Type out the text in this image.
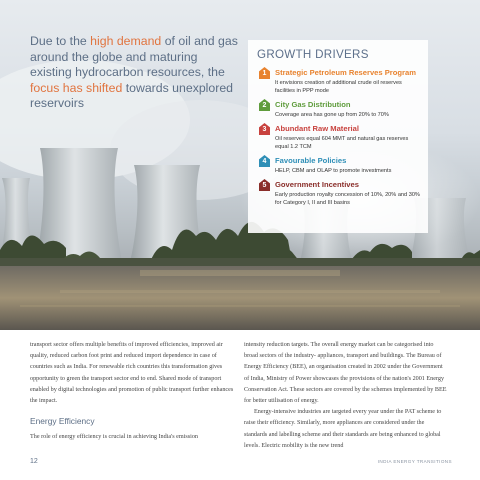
Due to the high demand of oil and gas around the globe and maturing existing hydrocarbon resources, the focus has shifted towards unexplored reservoirs
GROWTH DRIVERS
1	Strategic Petroleum Reserves Program
It envisions creation of additional crude oil reserves facilities in PPP mode
2	City Gas Distribution
Coverage area has gone up from 20% to 70%
3	Abundant Raw Material
Oil reserves equal 604 MMT and natural gas reserves equal 1.2 TCM
4	Favourable Policies
HELP, CBM and OLAP to promote investments
5	Government Incentives
Early production royalty concession of 10%, 20% and 30% for Category I, II and III basins

transport sector offers multiple benefits of improved efficiencies, improved air quality, reduced carbon foot print and reduced import dependence in case of countries such as India. For renewable rich countries this transformation gives opportunity to green the transport sector end to end. Shared mode of transport enabled by digital technologies and promotion of public transport further enhances the impact.

Energy Efficiency

The role of energy efficiency is crucial in achieving India's emission

intensity reduction targets. The overall energy market can be categorised into broad sectors of the industry- appliances, transport and buildings. The Bureau of Energy Efficiency (BEE), an organisation created in 2002 under the Government of India, Ministry of Power showcases the provisions of the nation's 2001 Energy Conservation Act. These sectors are covered by the schemes implemented by BEE for better utilisation of energy.

Energy-intensive industries are targeted every year under the PAT scheme to raise their efficiency. Similarly, more appliances are considered under the standards and labelling scheme and their standards are being enhanced to global levels. Electric mobility is the new trend

12	INDIA ENERGY TRANSITIONS
